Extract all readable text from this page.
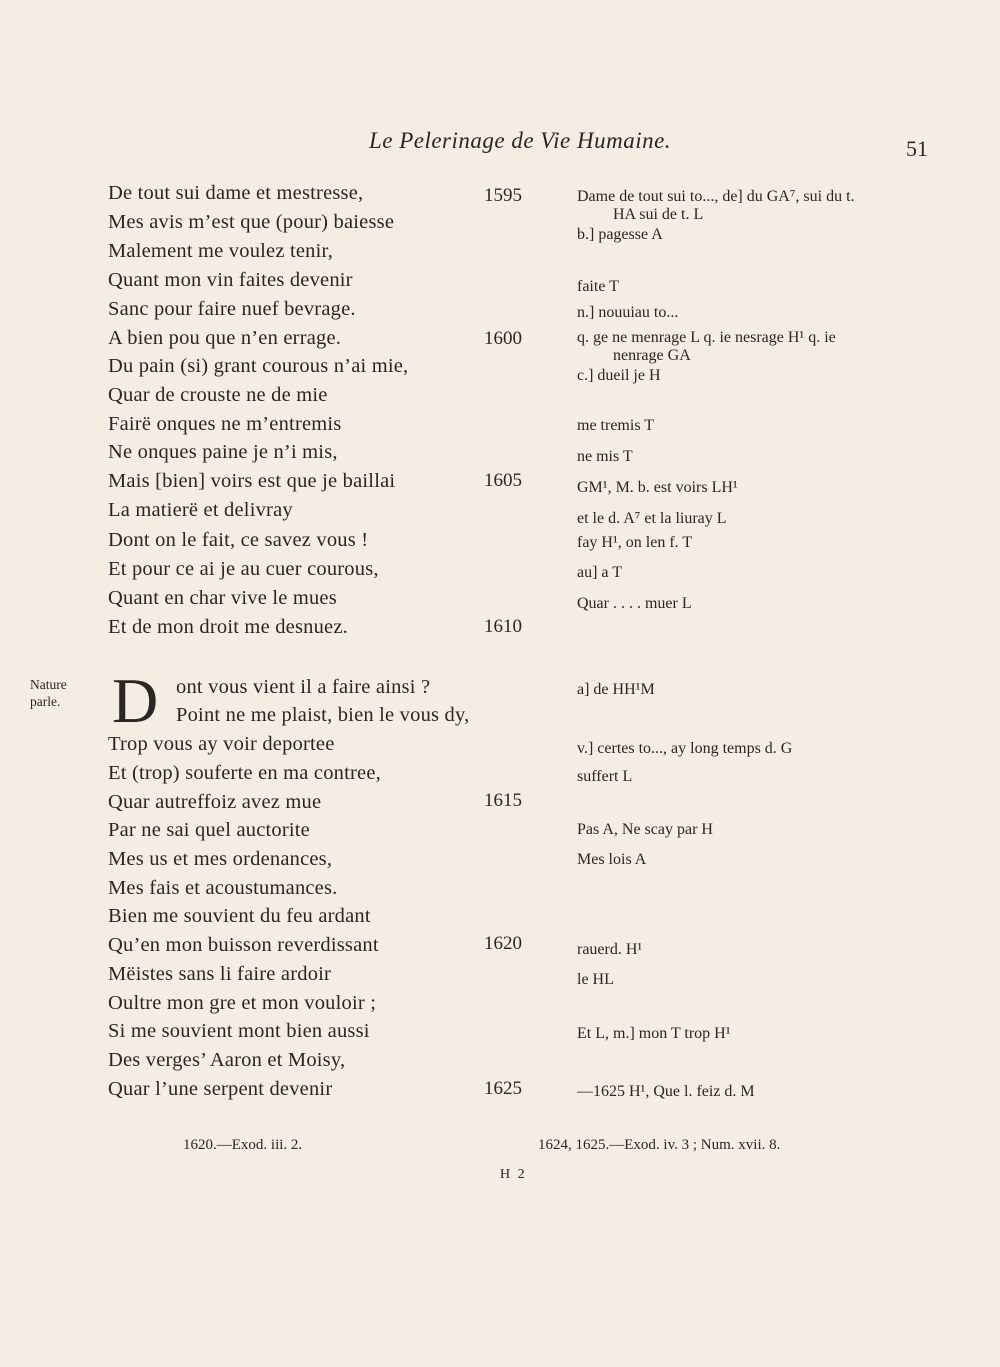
Le Pelerinage de Vie Humaine.	51
De tout sui dame et mestresse,	1595
Mes avis m’est que (pour) baiesse
Malement me voulez tenir,
Quant mon vin faites devenir
Sanc pour faire nuef bevrage.
A bien pou que n’en errage.	1600
Du pain (si) grant courous n’ai mie,
Quar de crouste ne de mie
Fairë onques ne m’entremis
Ne onques paine je n’i mis,
Mais [bien] voirs est que je baillai	1605
La matierë et delivray
Dont on le fait, ce savez vous !
Et pour ce ai je au cuer courous,
Quant en char vive le mues
Et de mon droit me desnuez.	1610
Nature
parle. D ont vous vient il a faire ainsi ?
Point ne me plaist, bien le vous dy,
Trop vous ay voir deportee
Et (trop) souferte en ma contree,
Quar autreffoiz avez mue	1615
Par ne sai quel auctorite
Mes us et mes ordenances,
Mes fais et acoustumances.
Bien me souvient du feu ardant
Qu’en mon buisson reverdissant	1620
Mëistes sans li faire ardoir
Oultre mon gre et mon vouloir ;
Si me souvient mont bien aussi
Des verges’ Aaron et Moisy,
Quar l’une serpent devenir	1625
Dame de tout sui to..., de] du GA⁷, sui du t.
HA sui de t. L
b.] pagesse A
faite T
n.] nouuiau to...
q. ge ne menrage L q. ie nesrage H¹ q. ie
nenrage GA
c.] dueil je H
me tremis T
ne mis T
GM¹, M. b. est voirs LH¹
et le d. A⁷ et la liuray L
fay H¹, on len f. T
au] a T
Quar . . . . muer L
a] de HH¹M
v.] certes to..., ay long temps d. G
suffert L
Pas A, Ne scay par H
Mes lois A
rauerd. H¹
le HL
Et L, m.] mon T trop H¹
—1625 H¹, Que l. feiz d. M
1620.—Exod. iii. 2.	1624, 1625.—Exod. iv. 3 ; Num. xvii. 8.
H 2
